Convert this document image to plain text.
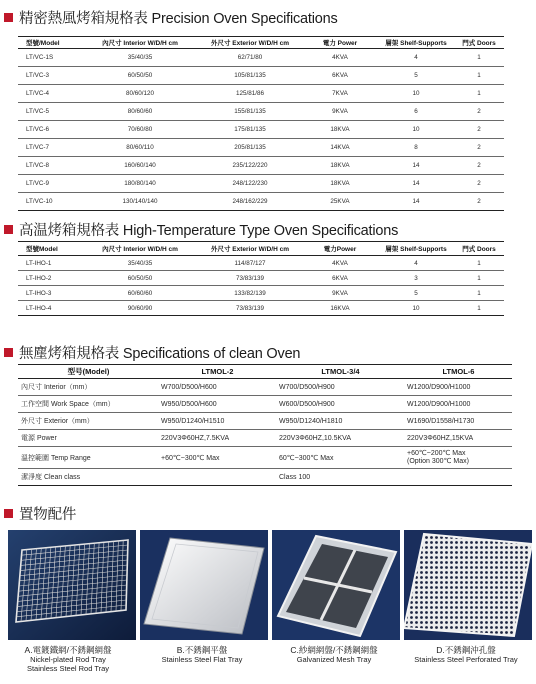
精密熱風烤箱規格表 Precision Oven Specifications
型號/Model	內尺寸 Interior W/D/H cm	外尺寸 Exterior W/D/H cm	電力 Power	層架 Shelf-Supports	門式 Doors
LT/VC-1S	35/40/35	62/71/80	4KVA	4	1
LT/VC-3	60/50/50	105/81/135	6KVA	5	1
LT/VC-4	80/60/120	125/81/86	7KVA	10	1
LT/VC-5	80/60/60	155/81/135	9KVA	6	2
LT/VC-6	70/60/80	175/81/135	18KVA	10	2
LT/VC-7	80/60/110	205/81/135	14KVA	8	2
LT/VC-8	160/60/140	235/122/220	18KVA	14	2
LT/VC-9	180/80/140	248/122/230	18KVA	14	2
LT/VC-10	130/140/140	248/162/229	25KVA	14	2
高温烤箱規格表 High-Temperature Type Oven Specifications
型號Model	內尺寸 Interior W/D/H cm	外尺寸 Exterior W/D/H cm	電力Power	層架 Shelf-Supports	門式 Doors
LT-IHO-1	35/40/35	114/87/127	4KVA	4	1
LT-IHO-2	60/50/50	73/83/139	6KVA	3	1
LT-IHO-3	60/60/60	133/82/139	9KVA	5	1
LT-IHO-4	90/60/90	73/83/139	16KVA	10	1
無塵烤箱規格表 Specifications of clean Oven
型号(Model)	LTMOL-2	LTMOL-3/4	LTMOL-6
內尺寸 Interior（mm）	W700/D500/H600	W700/D500/H900	W1200/D900/H1000
工作空間 Work Space（mm）	W950/D500/H600	W600/D500/H900	W1200/D900/H1000
外尺寸 Exterior（mm）	W950/D1240/H1510	W950/D1240/H1810	W1690/D1558/H1730
電源 Power	220V3Φ60HZ,7.5KVA	220V3Φ60HZ,10.5KVA	220V3Φ60HZ,15KVA
溫控範圍 Temp Range	+60℃~300℃ Max	60℃~300℃ Max	+60℃~200℃ Max
(Option 300℃ Max)
潔淨度 Clean class		Class 100	
置物配件
A.電鍍鐵網/不銹鋼網盤
Nickel-plated Rod Tray
Stainless Steel Rod Tray
B.不銹鋼平盤
Stainless Steel Flat Tray
C.紗網網盤/不銹鋼網盤
Galvanized Mesh Tray
D.不銹鋼沖孔盤
Stainless Steel Perforated Tray
